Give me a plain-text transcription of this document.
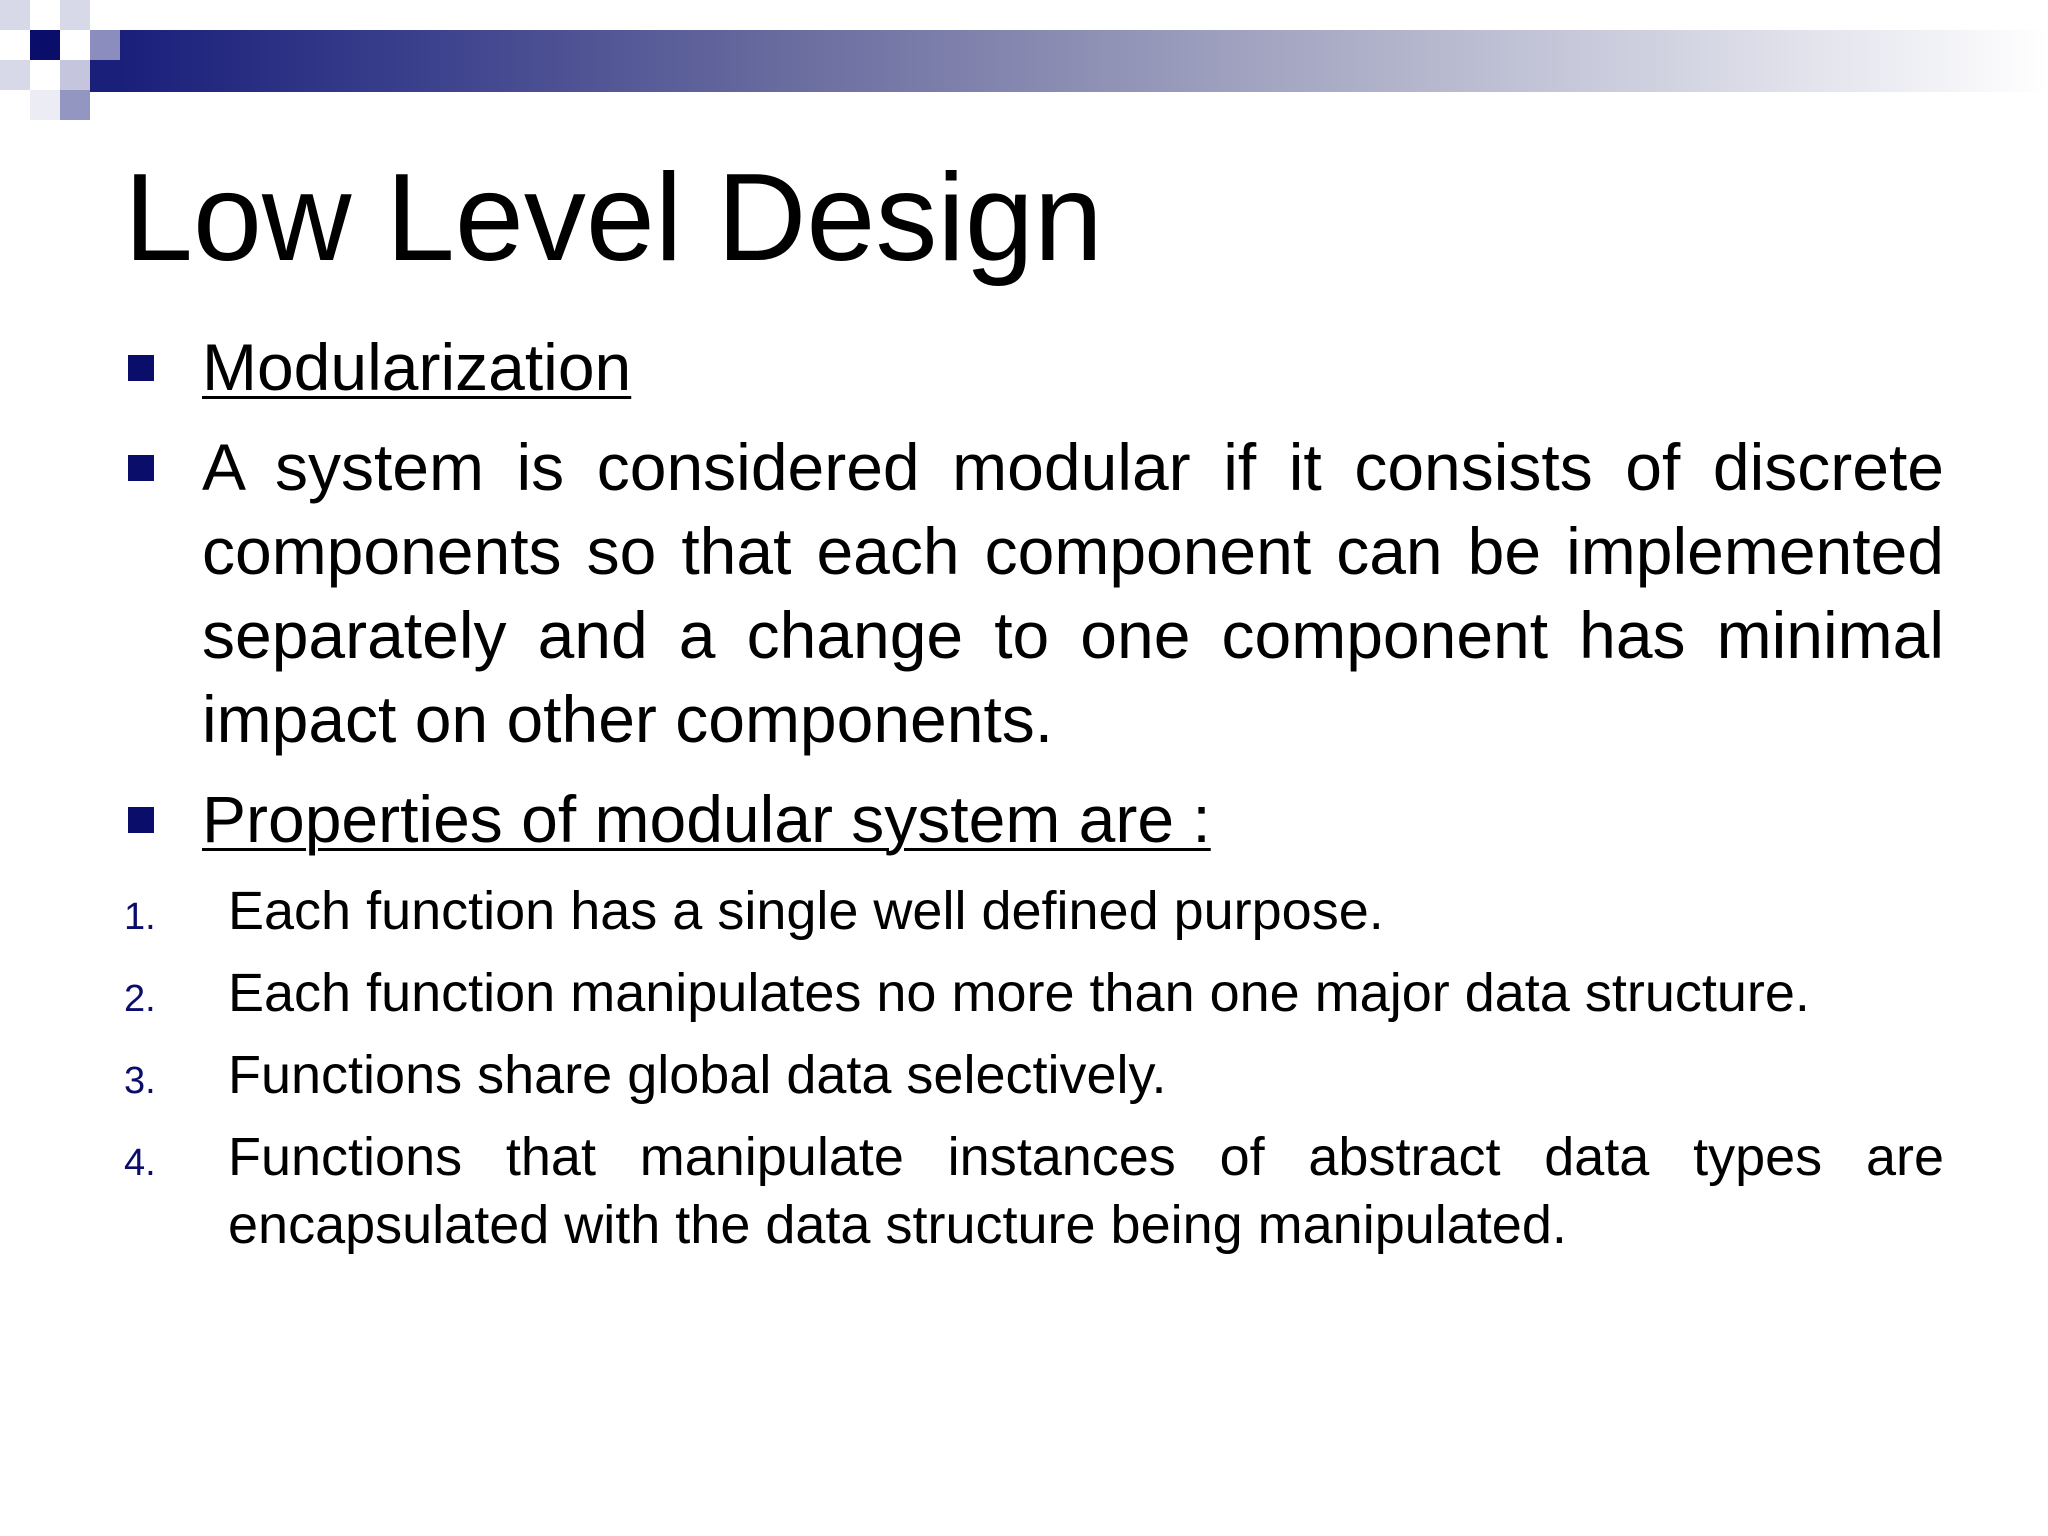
Low Level Design
Modularization
A system is considered modular if it consists of discrete components so that each component can be implemented separately and a change to one component has minimal impact on other components.
Properties of modular system are :
1. Each function has a single well defined purpose.
2. Each function manipulates no more than one major data structure.
3. Functions share global data selectively.
4. Functions that manipulate instances of abstract data types are encapsulated with the data structure being manipulated.
